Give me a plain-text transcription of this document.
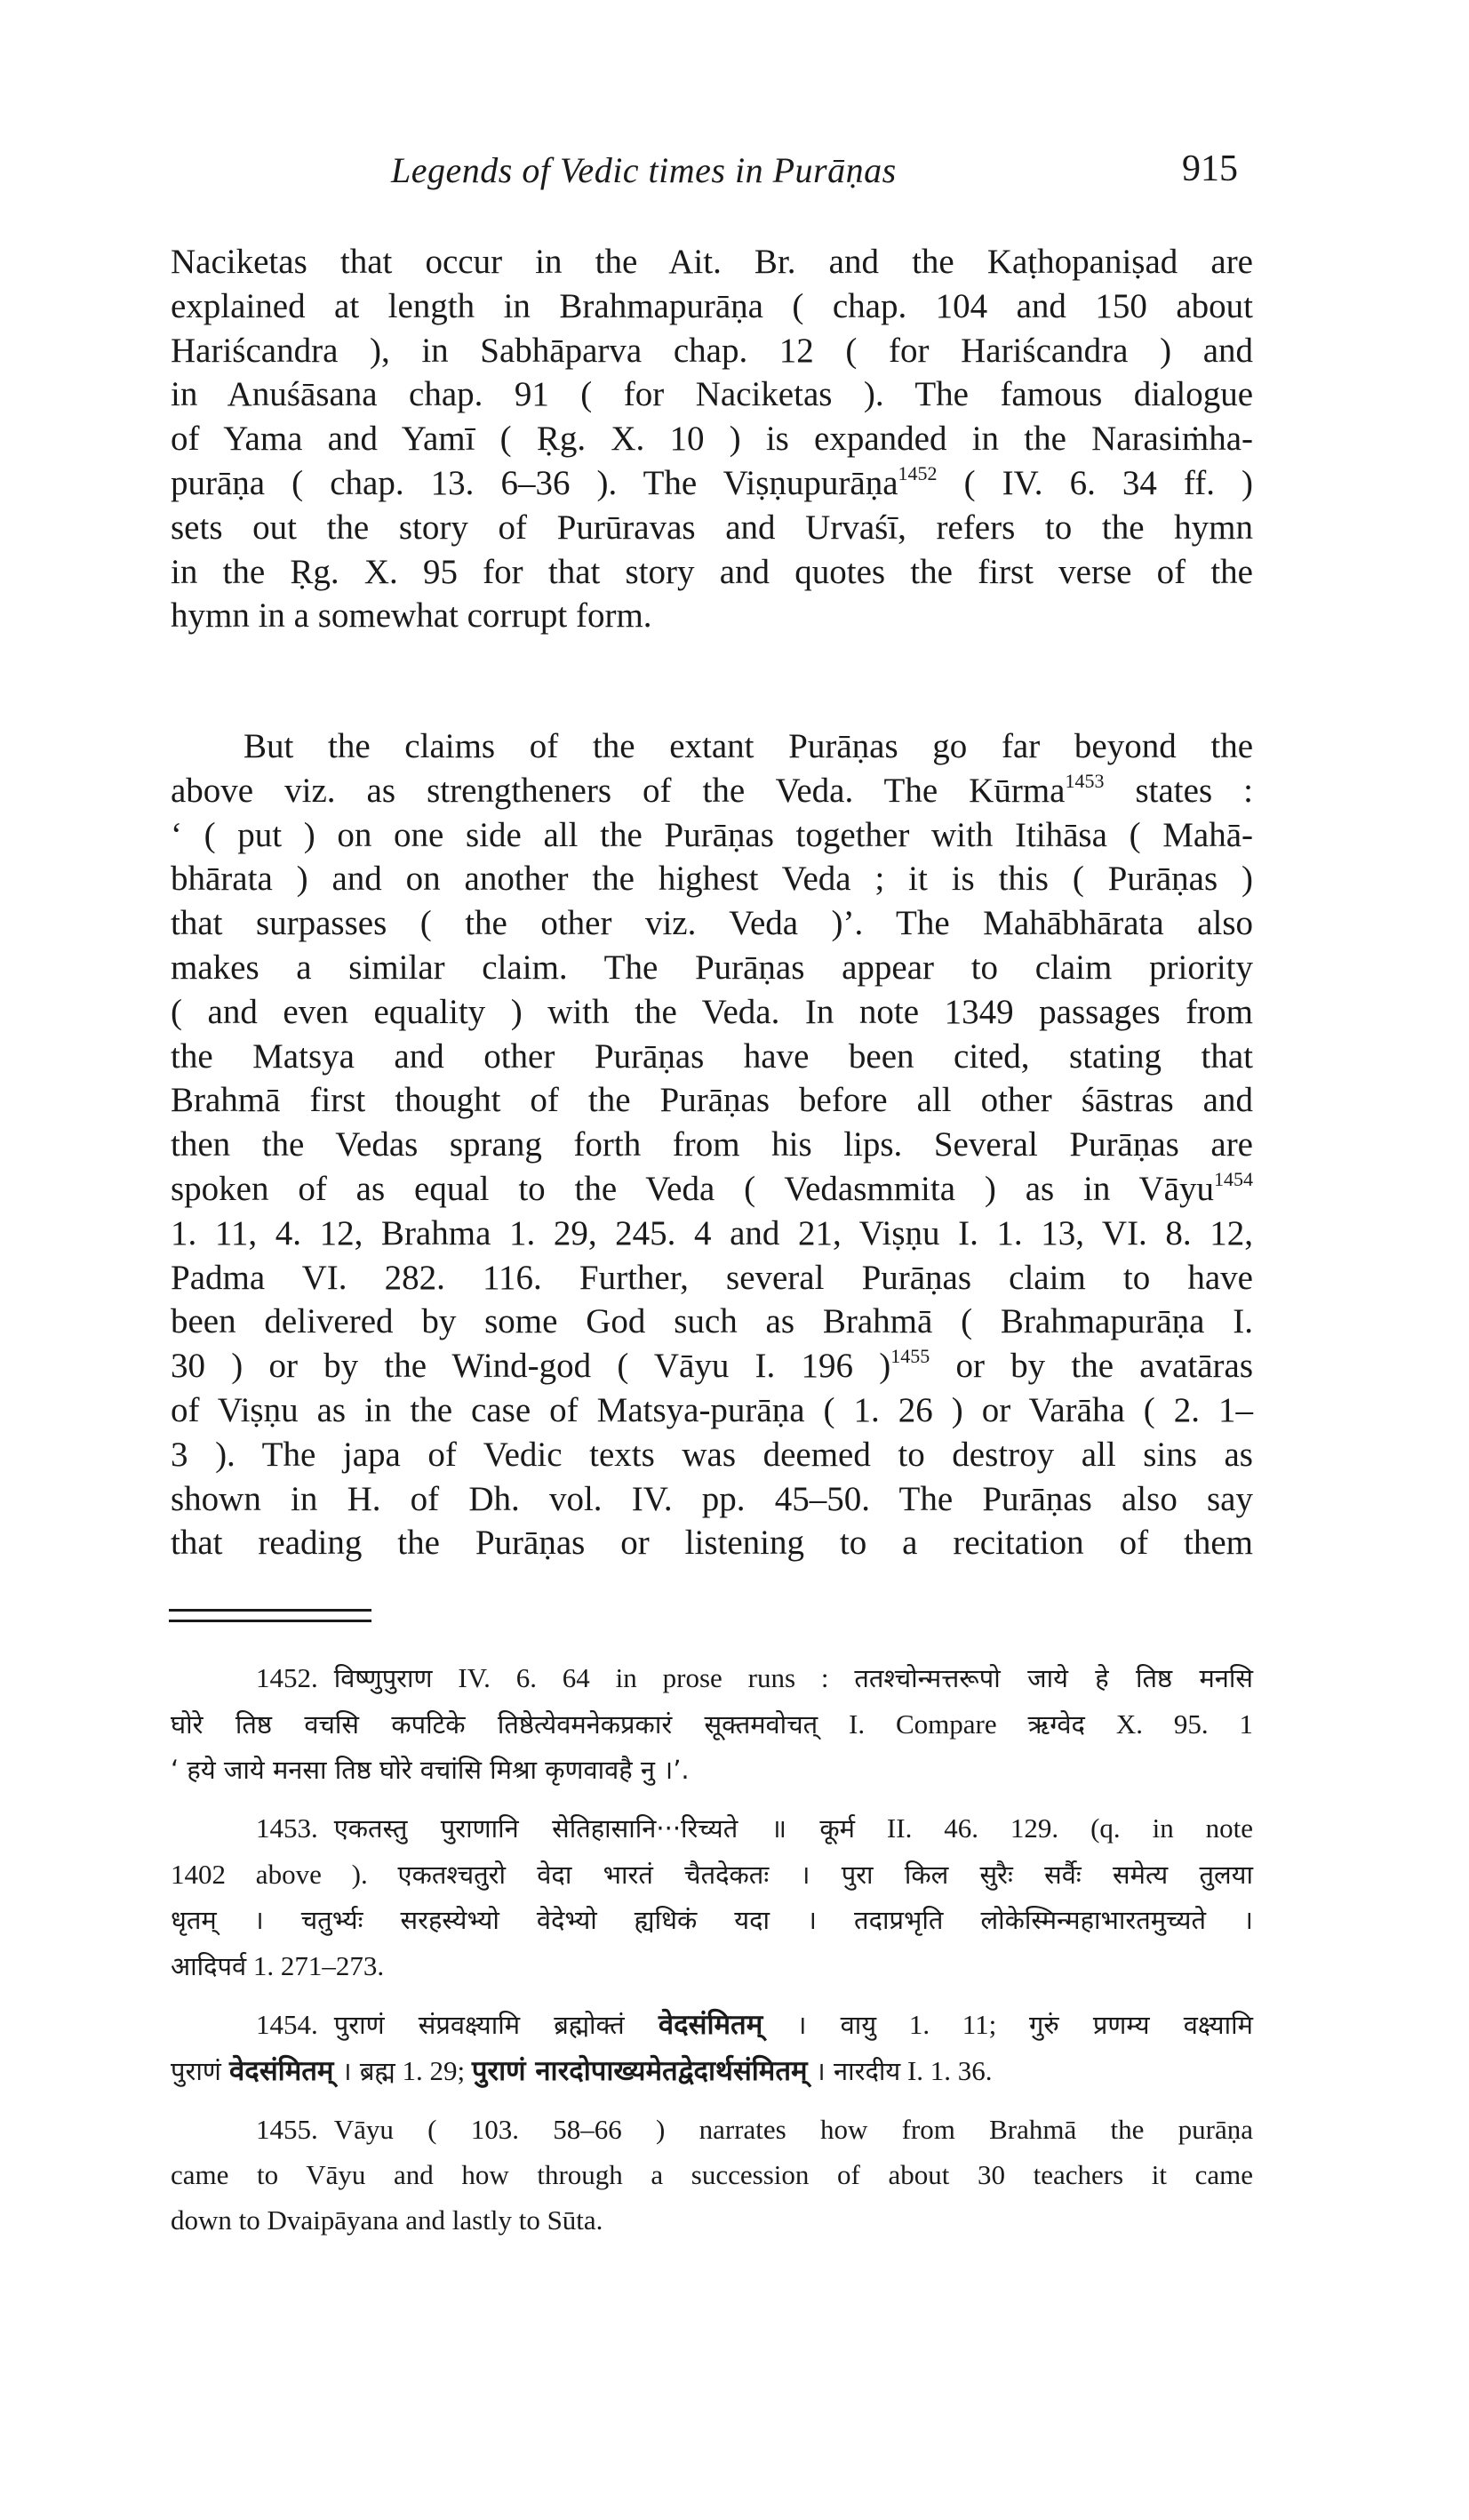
Legends of Vedic times in Purāṇas	915
Naciketas that occur in the Ait. Br. and the Kaṭhopaniṣad are
explained at length in Brahmapurāṇa ( chap. 104 and 150 about
Hariścandra ), in Sabhāparva chap. 12 ( for Hariścandra ) and
in Anuśāsana chap. 91 ( for Naciketas ). The famous dialogue
of Yama and Yamī ( Ṛg. X. 10 ) is expanded in the Narasiṁha-
purāṇa ( chap. 13. 6–36 ). The Viṣṇupurāṇa$^{1452}$ ( IV. 6. 34 ff. )
sets out the story of Purūravas and Urvaśī, refers to the hymn
in the Ṛg. X. 95 for that story and quotes the first verse of the
hymn in a somewhat corrupt form.
But the claims of the extant Purāṇas go far beyond the
above viz. as strengtheners of the Veda. The Kūrma$^{1453}$ states :
‘ ( put ) on one side all the Purāṇas together with Itihāsa ( Mahā-
bhārata ) and on another the highest Veda ; it is this ( Purāṇas )
that surpasses ( the other viz. Veda )’. The Mahābhārata also
makes a similar claim. The Purāṇas appear to claim priority
( and even equality ) with the Veda. In note 1349 passages from
the Matsya and other Purāṇas have been cited, stating that
Brahmā first thought of the Purāṇas before all other śāstras and
then the Vedas sprang forth from his lips. Several Purāṇas are
spoken of as equal to the Veda ( Vedasmmita ) as in Vāyu$^{1454}$
1. 11, 4. 12, Brahma 1. 29, 245. 4 and 21, Viṣṇu I. 1. 13, VI. 8. 12,
Padma VI. 282. 116. Further, several Purāṇas claim to have
been delivered by some God such as Brahmā ( Brahmapurāṇa I.
30 ) or by the Wind-god ( Vāyu I. 196 )$^{1455}$ or by the avatāras
of Viṣṇu as in the case of Matsya-purāṇa ( 1. 26 ) or Varāha ( 2. 1–
3 ). The japa of Vedic texts was deemed to destroy all sins as
shown in H. of Dh. vol. IV. pp. 45–50. The Purāṇas also say
that reading the Purāṇas or listening to a recitation of them
1452. विष्णुपुराण IV. 6. 64 in prose runs : ततश्चोन्मत्तरूपो जाये हे तिष्ठ मनसि
घोरे तिष्ठ वचसि कपटिके तिष्ठेत्येवमनेकप्रकारं सूक्तमवोचत् I. Compare ऋग्वेद X. 95. 1
‘ हये जाये मनसा तिष्ठ घोरे वचांसि मिश्रा कृणवावहै नु ।’.
1453. एकतस्तु पुराणानि सेतिहासानि···रिच्यते ॥ कूर्म II. 46. 129. (q. in note
1402 above ). एकतश्चतुरो वेदा भारतं चैतदेकतः । पुरा किल सुरैः सर्वैः समेत्य तुलया
धृतम् । चतुर्भ्यः सरहस्येभ्यो वेदेभ्यो ह्यधिकं यदा । तदाप्रभृति लोकेस्मिन्महाभारतमुच्यते ।
आदिपर्व 1. 271–273.
1454. पुराणं संप्रवक्ष्यामि ब्रह्मोक्तं वेदसंमितम् । वायु 1. 11; गुरुं प्रणम्य वक्ष्यामि
पुराणं वेदसंमितम् । ब्रह्म 1. 29; पुराणं नारदोपाख्यमेतद्वेदार्थसंमितम् । नारदीय I. 1. 36.
1455. Vāyu ( 103. 58–66 ) narrates how from Brahmā the purāṇa
came to Vāyu and how through a succession of about 30 teachers it came
down to Dvaipāyana and lastly to Sūta.
